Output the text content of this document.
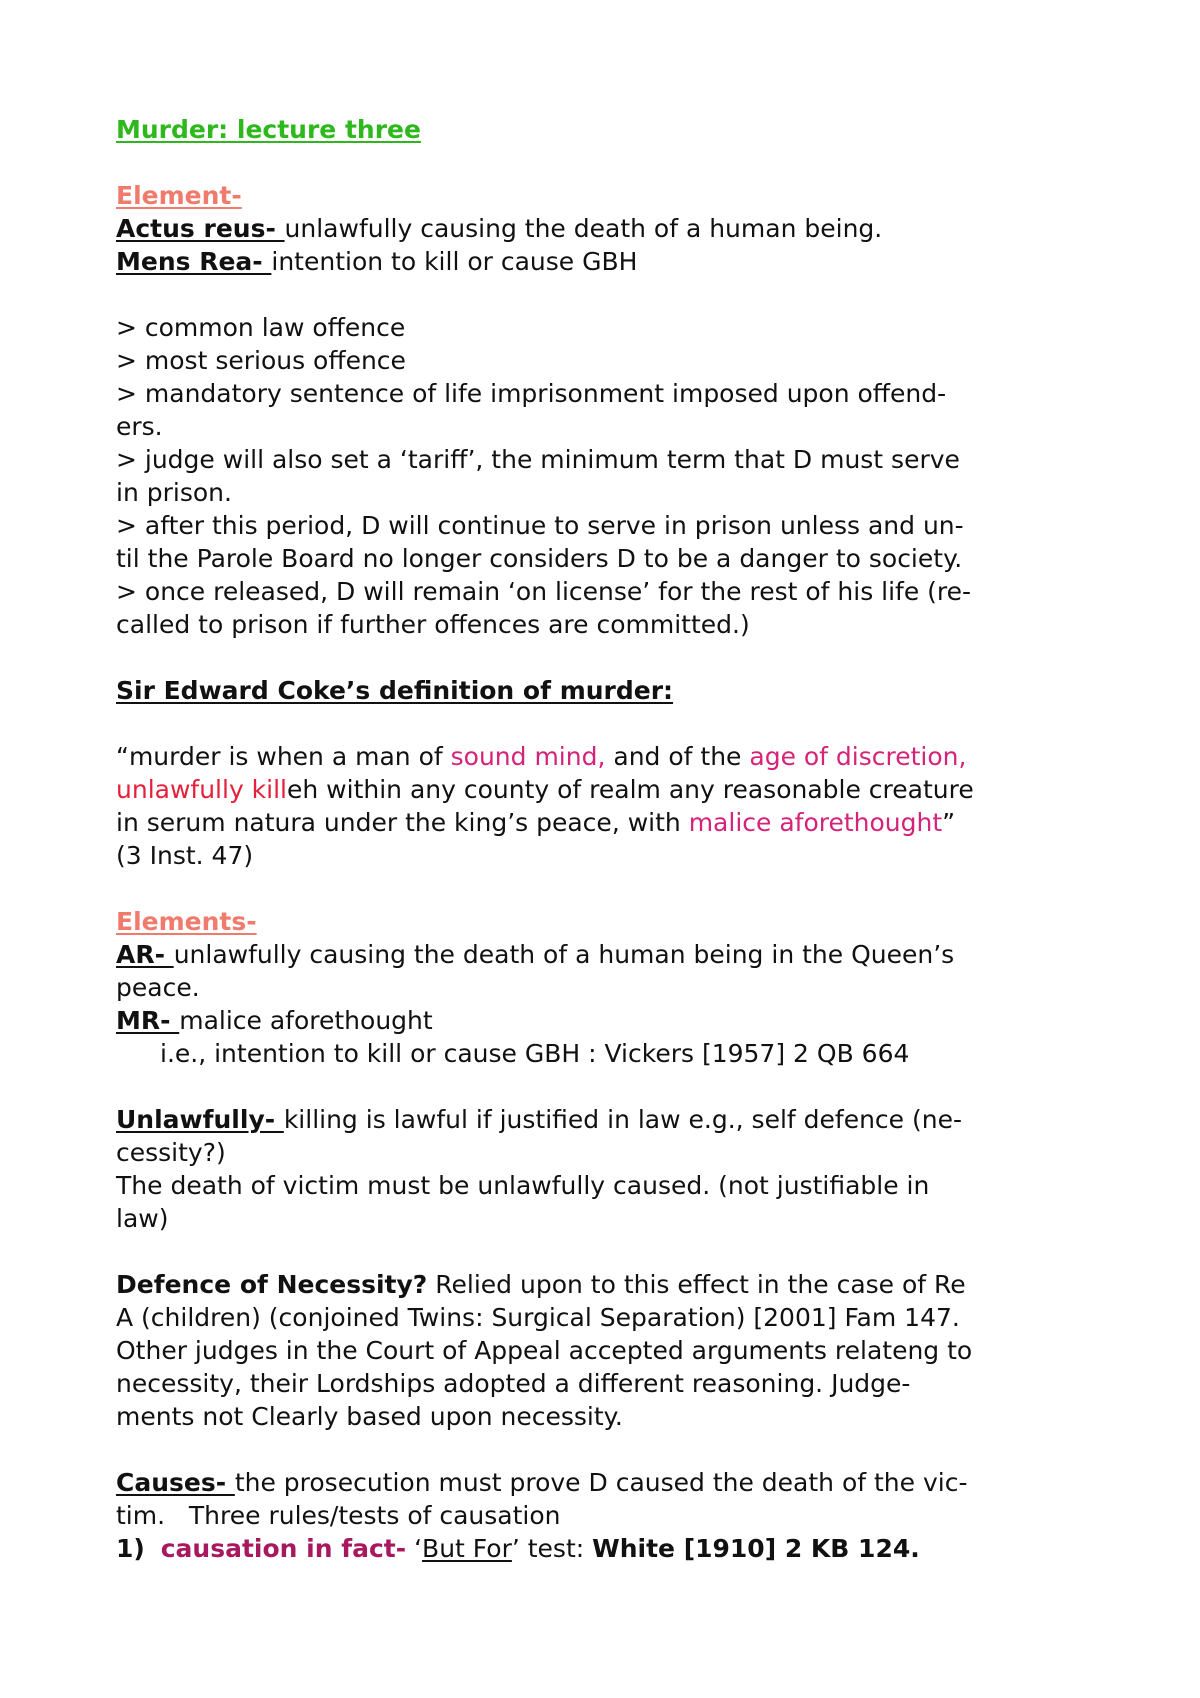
Murder: lecture three
Element-
Actus reus- unlawfully causing the death of a human being.
Mens Rea- intention to kill or cause GBH
> common law offence
> most serious offence
> mandatory sentence of life imprisonment imposed upon offend-
ers.
> judge will also set a ‘tariff’, the minimum term that D must serve
in prison.
> after this period, D will continue to serve in prison unless and un-
til the Parole Board no longer considers D to be a danger to society.
> once released, D will remain ‘on license’ for the rest of his life (re-
called to prison if further offences are committed.)
Sir Edward Coke’s definition of murder:
“murder is when a man of sound mind, and of the age of discretion,
unlawfully killeh within any county of realm any reasonable creature
in serum natura under the king’s peace, with malice aforethought”
(3 Inst. 47)
Elements-
AR- unlawfully causing the death of a human being in the Queen’s
peace.
MR- malice aforethought
i.e., intention to kill or cause GBH : Vickers [1957] 2 QB 664
Unlawfully- killing is lawful if justified in law e.g., self defence (ne-
cessity?)
The death of victim must be unlawfully caused. (not justifiable in
law)
Defence of Necessity? Relied upon to this effect in the case of Re
A (children) (conjoined Twins: Surgical Separation) [2001] Fam 147.
Other judges in the Court of Appeal accepted arguments relateng to
necessity, their Lordships adopted a different reasoning. Judge-
ments not Clearly based upon necessity.
Causes- the prosecution must prove D caused the death of the vic-
tim.   Three rules/tests of causation
1) causation in fact- ‘But For’ test: White [1910] 2 KB 124.
